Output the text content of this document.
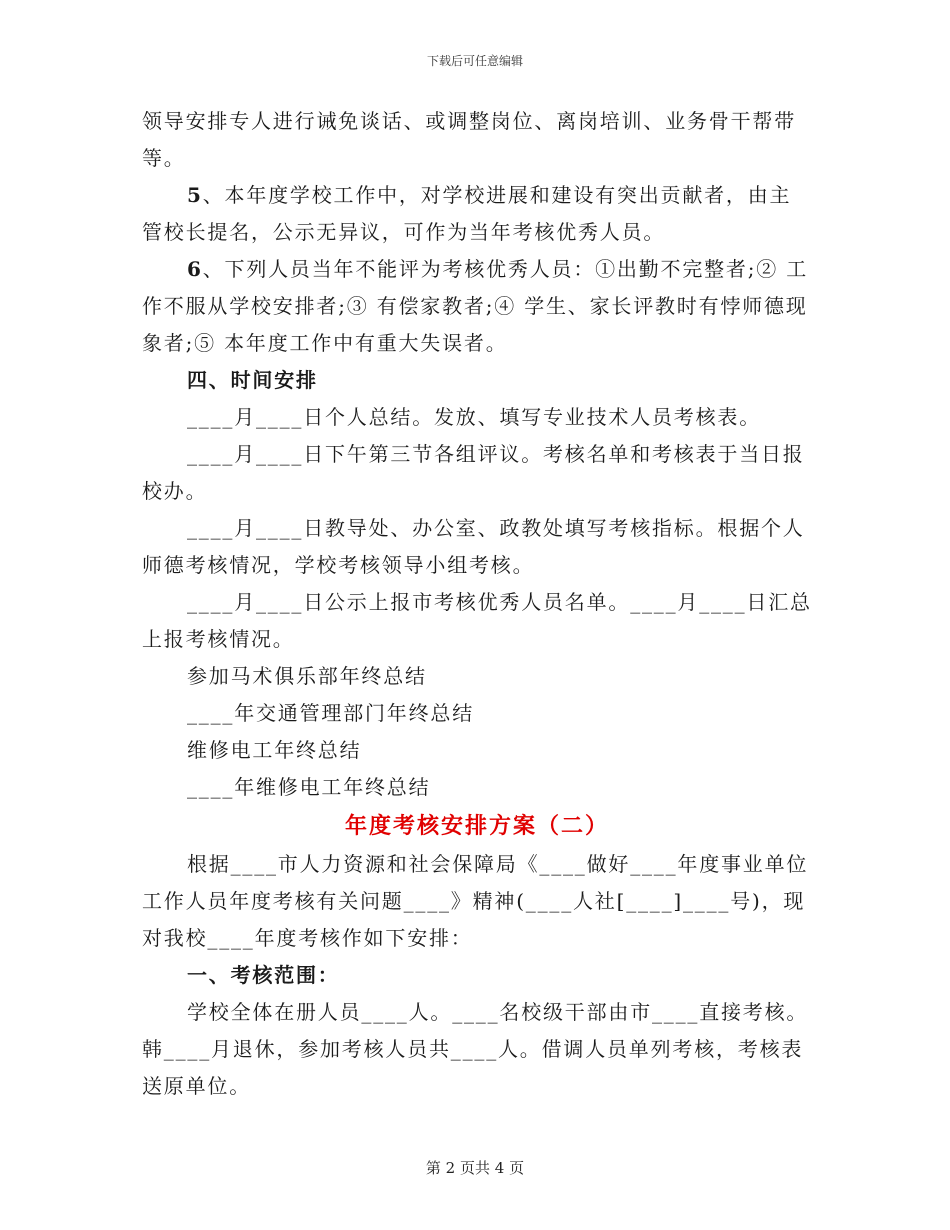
下载后可任意编辑

领导安排专人进行诫免谈话、或调整岗位、离岗培训、业务骨干帮带等。

5、本年度学校工作中，对学校进展和建设有突出贡献者，由主管校长提名，公示无异议，可作为当年考核优秀人员。

6、下列人员当年不能评为考核优秀人员：①出勤不完整者;② 工作不服从学校安排者;③ 有偿家教者;④ 学生、家长评教时有悖师德现象者;⑤ 本年度工作中有重大失误者。

四、时间安排

____月____日个人总结。发放、填写专业技术人员考核表。

____月____日下午第三节各组评议。考核名单和考核表于当日报校办。

____月____日教导处、办公室、政教处填写考核指标。根据个人师德考核情况，学校考核领导小组考核。

____月____日公示上报市考核优秀人员名单。____月____日汇总上报考核情况。

参加马术俱乐部年终总结

____年交通管理部门年终总结

维修电工年终总结

____年维修电工年终总结

年度考核安排方案（二）

根据____市人力资源和社会保障局《____做好____年度事业单位工作人员年度考核有关问题____》精神(____人社[____]____号)，现对我校____年度考核作如下安排：

一、考核范围：

学校全体在册人员____人。____名校级干部由市____直接考核。韩____月退休，参加考核人员共____人。借调人员单列考核，考核表送原单位。

第 2 页共 4 页
